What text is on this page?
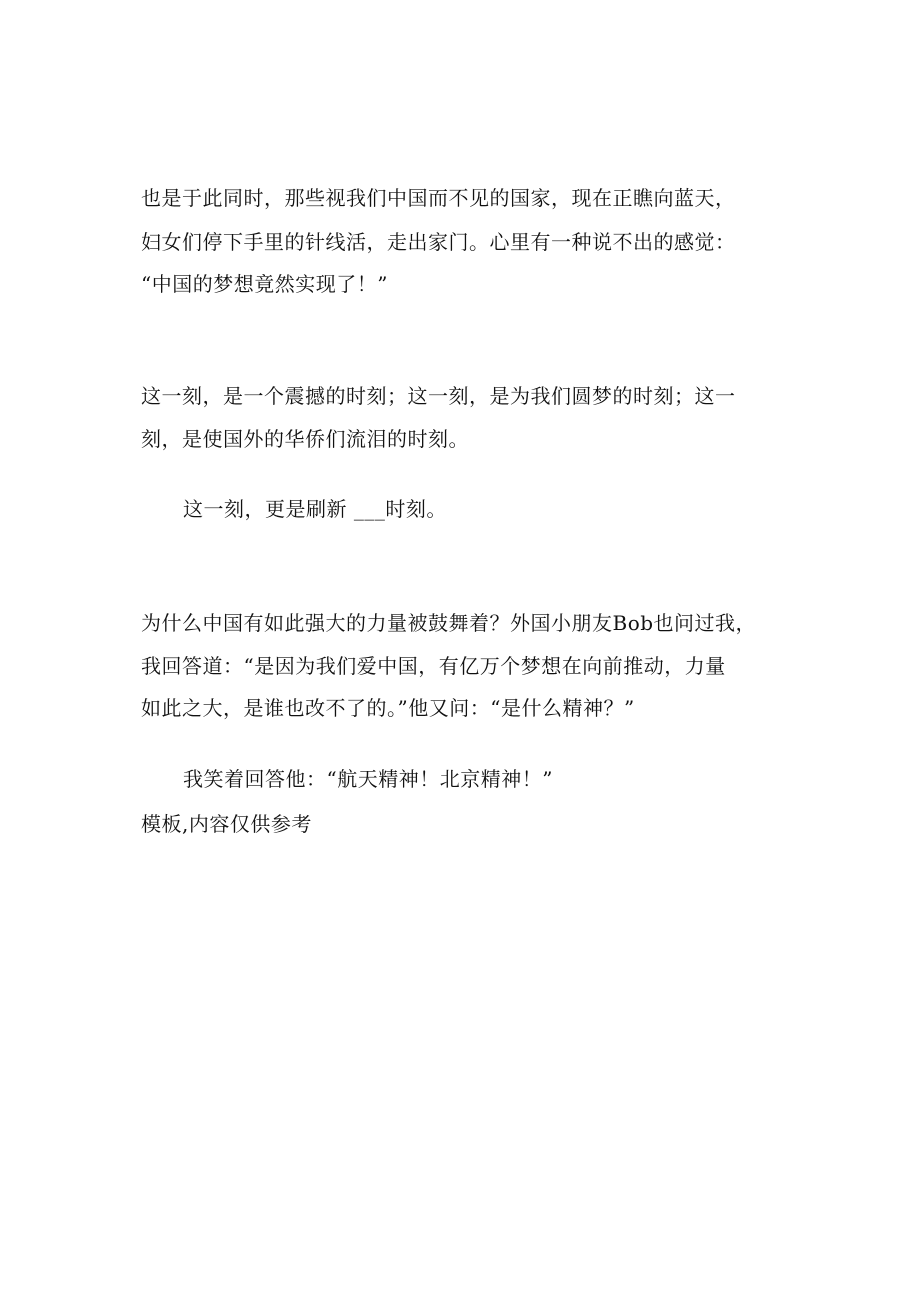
也是于此同时，那些视我们中国而不见的国家，现在正瞧向蓝天，
妇女们停下手里的针线活，走出家门。心里有一种说不出的感觉：
“中国的梦想竟然实现了！”
这一刻，是一个震撼的时刻；这一刻，是为我们圆梦的时刻；这一
刻，是使国外的华侨们流泪的时刻。
这一刻，更是刷新 ___时刻。
为什么中国有如此强大的力量被鼓舞着？外国小朋友Bob也问过我，
我回答道：“是因为我们爱中国，有亿万个梦想在向前推动，力量
如此之大，是谁也改不了的。”他又问：“是什么精神？”
我笑着回答他：“航天精神！北京精神！”
模板,内容仅供参考
